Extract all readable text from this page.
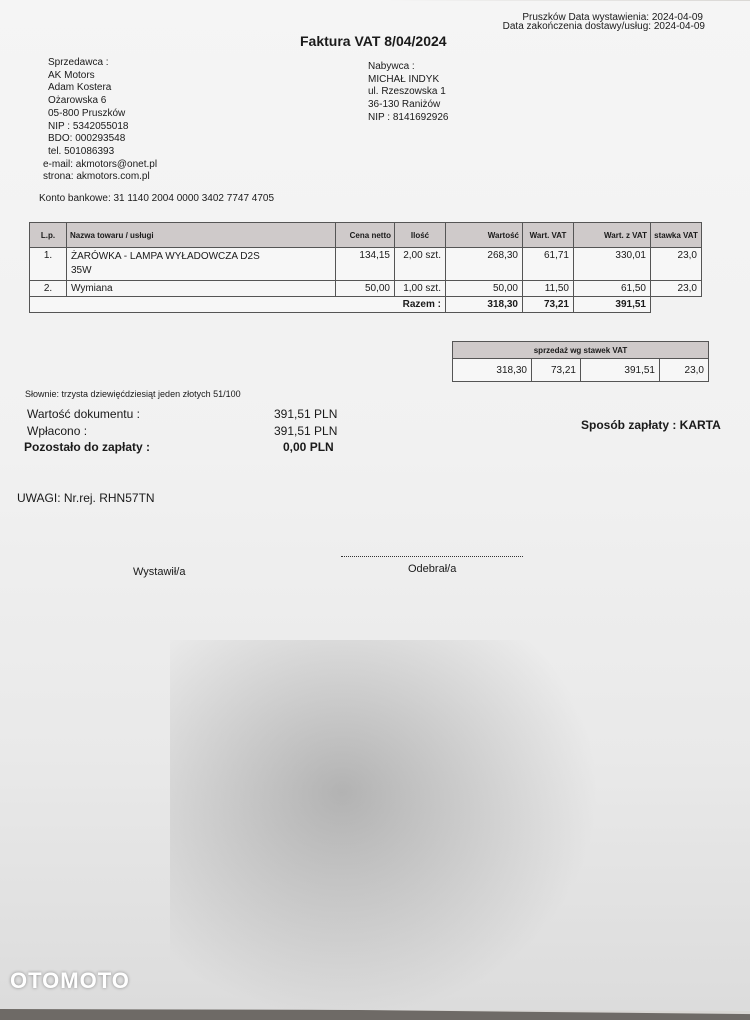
Pruszków Data wystawienia: 2024-04-09
Data zakończenia dostawy/usług: 2024-04-09
Faktura VAT 8/04/2024
Sprzedawca :
AK Motors
Adam Kostera
Ożarowska 6
05-800 Pruszków
NIP : 5342055018
BDO: 000293548
tel. 501086393
e-mail: akmotors@onet.pl
strona: akmotors.com.pl
Nabywca :
MICHAŁ INDYK
ul. Rzeszowska 1
36-130 Raniżów
NIP : 8141692926
Konto bankowe: 31 1140 2004 0000 3402 7747 4705
L.p.	Nazwa towaru / usługi	Cena netto	Ilość	Wartość	Wart. VAT	Wart. z VAT	stawka VAT
1.	ŻARÓWKA - LAMPA WYŁADOWCZA D2S 35W	134,15	2,00 szt.	268,30	61,71	330,01	23,0
2.	Wymiana	50,00	1,00 szt.	50,00	11,50	61,50	23,0
Razem :				318,30	73,21	391,51	
sprzedaż wg stawek VAT
318,30	73,21	391,51	23,0
Słownie: trzysta dziewięćdziesiąt jeden złotych 51/100
Wartość dokumentu :	391,51 PLN
Wpłacono :	391,51 PLN
Pozostało do zapłaty :	0,00 PLN
Sposób zapłaty : KARTA
UWAGI: Nr.rej. RHN57TN
Wystawił/a	Odebrał/a
OTOMOTO
